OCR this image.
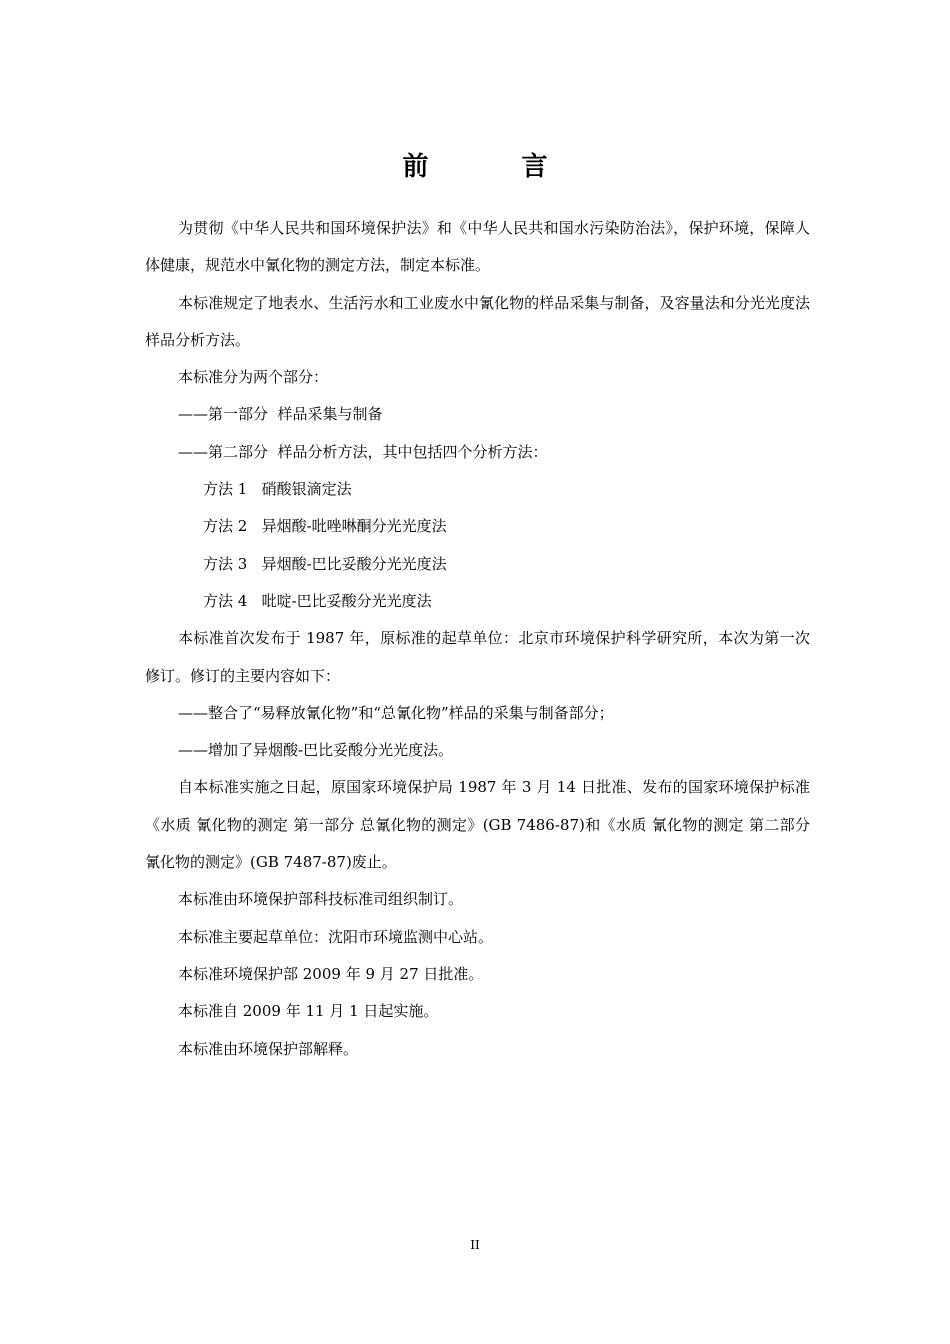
前 言

为贯彻《中华人民共和国环境保护法》和《中华人民共和国水污染防治法》，保护环境，保障人体健康，规范水中氰化物的测定方法，制定本标准。

本标准规定了地表水、生活污水和工业废水中氰化物的样品采集与制备，及容量法和分光光度法样品分析方法。

本标准分为两个部分：

——第一部分  样品采集与制备

——第二部分  样品分析方法，其中包括四个分析方法：

方法 1   硝酸银滴定法

方法 2   异烟酸-吡唑啉酮分光光度法

方法 3   异烟酸-巴比妥酸分光光度法

方法 4   吡啶-巴比妥酸分光光度法

本标准首次发布于 1987 年，原标准的起草单位：北京市环境保护科学研究所，本次为第一次修订。修订的主要内容如下：

——整合了“易释放氰化物”和“总氰化物”样品的采集与制备部分；

——增加了异烟酸-巴比妥酸分光光度法。

自本标准实施之日起，原国家环境保护局 1987 年 3 月 14 日批准、发布的国家环境保护标准《水质 氰化物的测定 第一部分 总氰化物的测定》(GB 7486-87)和《水质 氰化物的测定 第二部分 氰化物的测定》(GB 7487-87)废止。

本标准由环境保护部科技标准司组织制订。

本标准主要起草单位：沈阳市环境监测中心站。

本标准环境保护部 2009 年 9 月 27 日批准。

本标准自 2009 年 11 月 1 日起实施。

本标准由环境保护部解释。

II
